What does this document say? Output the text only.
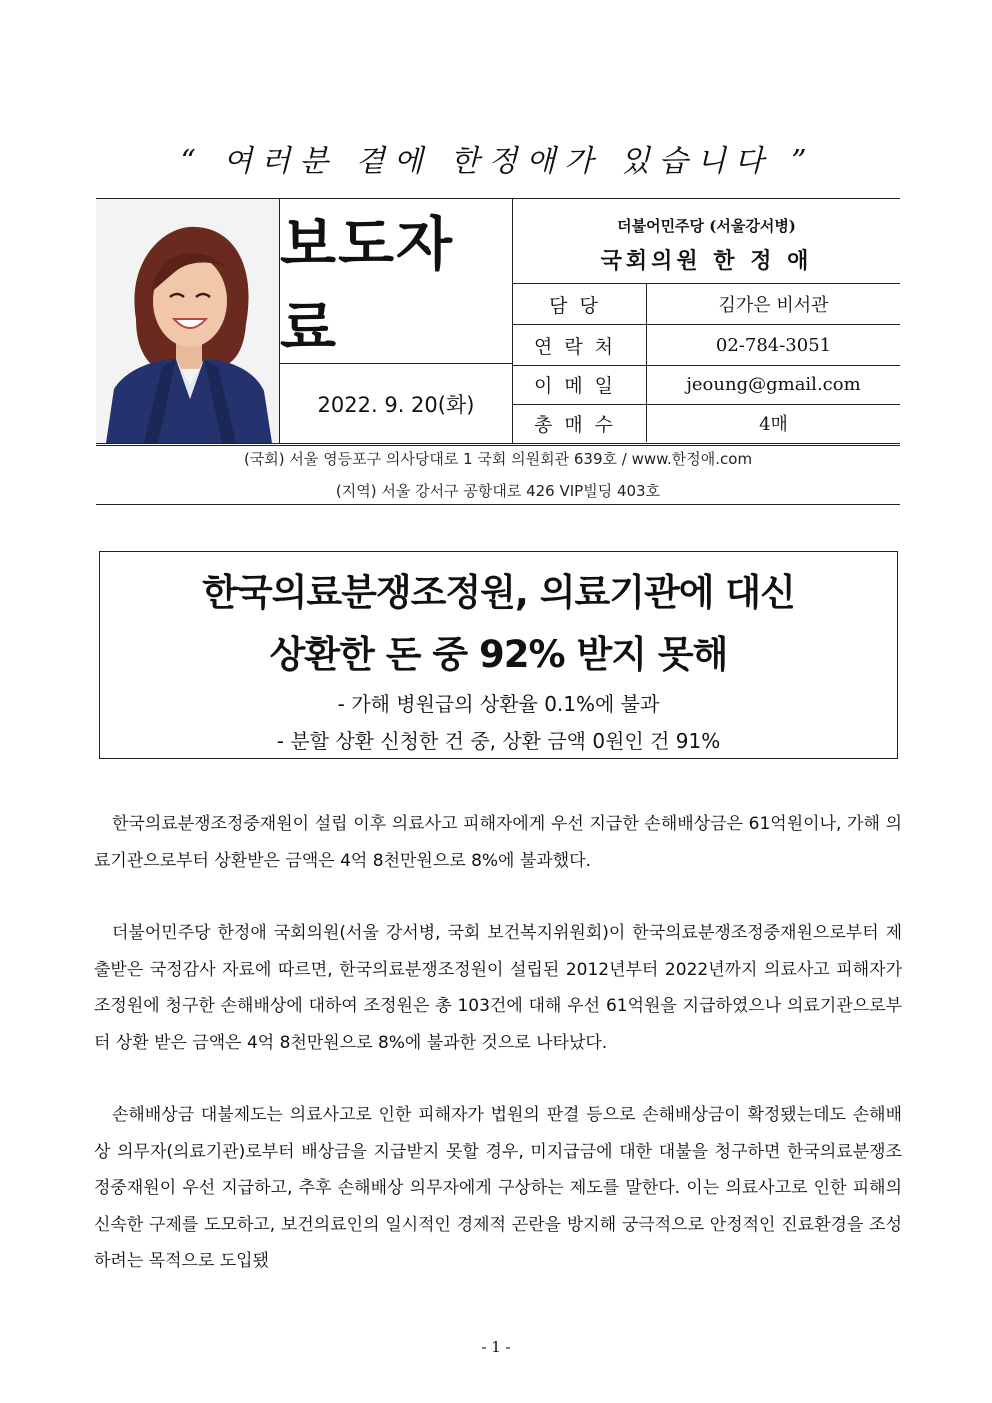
“ 여러분 곁에 한정애가 있습니다 ”
보도자료
2022. 9. 20(화)
더불어민주당 (서울강서병)
국회의원 한 정 애
담당	김가은 비서관
연락처	02-784-3051
이메일	jeoung@gmail.com
총매수	4매
(국회) 서울 영등포구 의사당대로 1 국회 의원회관 639호 / www.한정애.com
(지역) 서울 강서구 공항대로 426 VIP빌딩 403호
한국의료분쟁조정원, 의료기관에 대신
상환한 돈 중 92% 받지 못해
- 가해 병원급의 상환율 0.1%에 불과
- 분할 상환 신청한 건 중, 상환 금액 0원인 건 91%

한국의료분쟁조정중재원이 설립 이후 의료사고 피해자에게 우선 지급한 손해배상금은 61억원이나, 가해 의료기관으로부터 상환받은 금액은 4억 8천만원으로 8%에 불과했다.

더불어민주당 한정애 국회의원(서울 강서병, 국회 보건복지위원회)이 한국의료분쟁조정중재원으로부터 제출받은 국정감사 자료에 따르면, 한국의료분쟁조정원이 설립된 2012년부터 2022년까지 의료사고 피해자가 조정원에 청구한 손해배상에 대하여 조정원은 총 103건에 대해 우선 61억원을 지급하였으나 의료기관으로부터 상환 받은 금액은 4억 8천만원으로 8%에 불과한 것으로 나타났다.

손해배상금 대불제도는 의료사고로 인한 피해자가 법원의 판결 등으로 손해배상금이 확정됐는데도 손해배상 의무자(의료기관)로부터 배상금을 지급받지 못할 경우, 미지급금에 대한 대불을 청구하면 한국의료분쟁조정중재원이 우선 지급하고, 추후 손해배상 의무자에게 구상하는 제도를 말한다. 이는 의료사고로 인한 피해의 신속한 구제를 도모하고, 보건의료인의 일시적인 경제적 곤란을 방지해 궁극적으로 안정적인 진료환경을 조성하려는 목적으로 도입됐

- 1 -
